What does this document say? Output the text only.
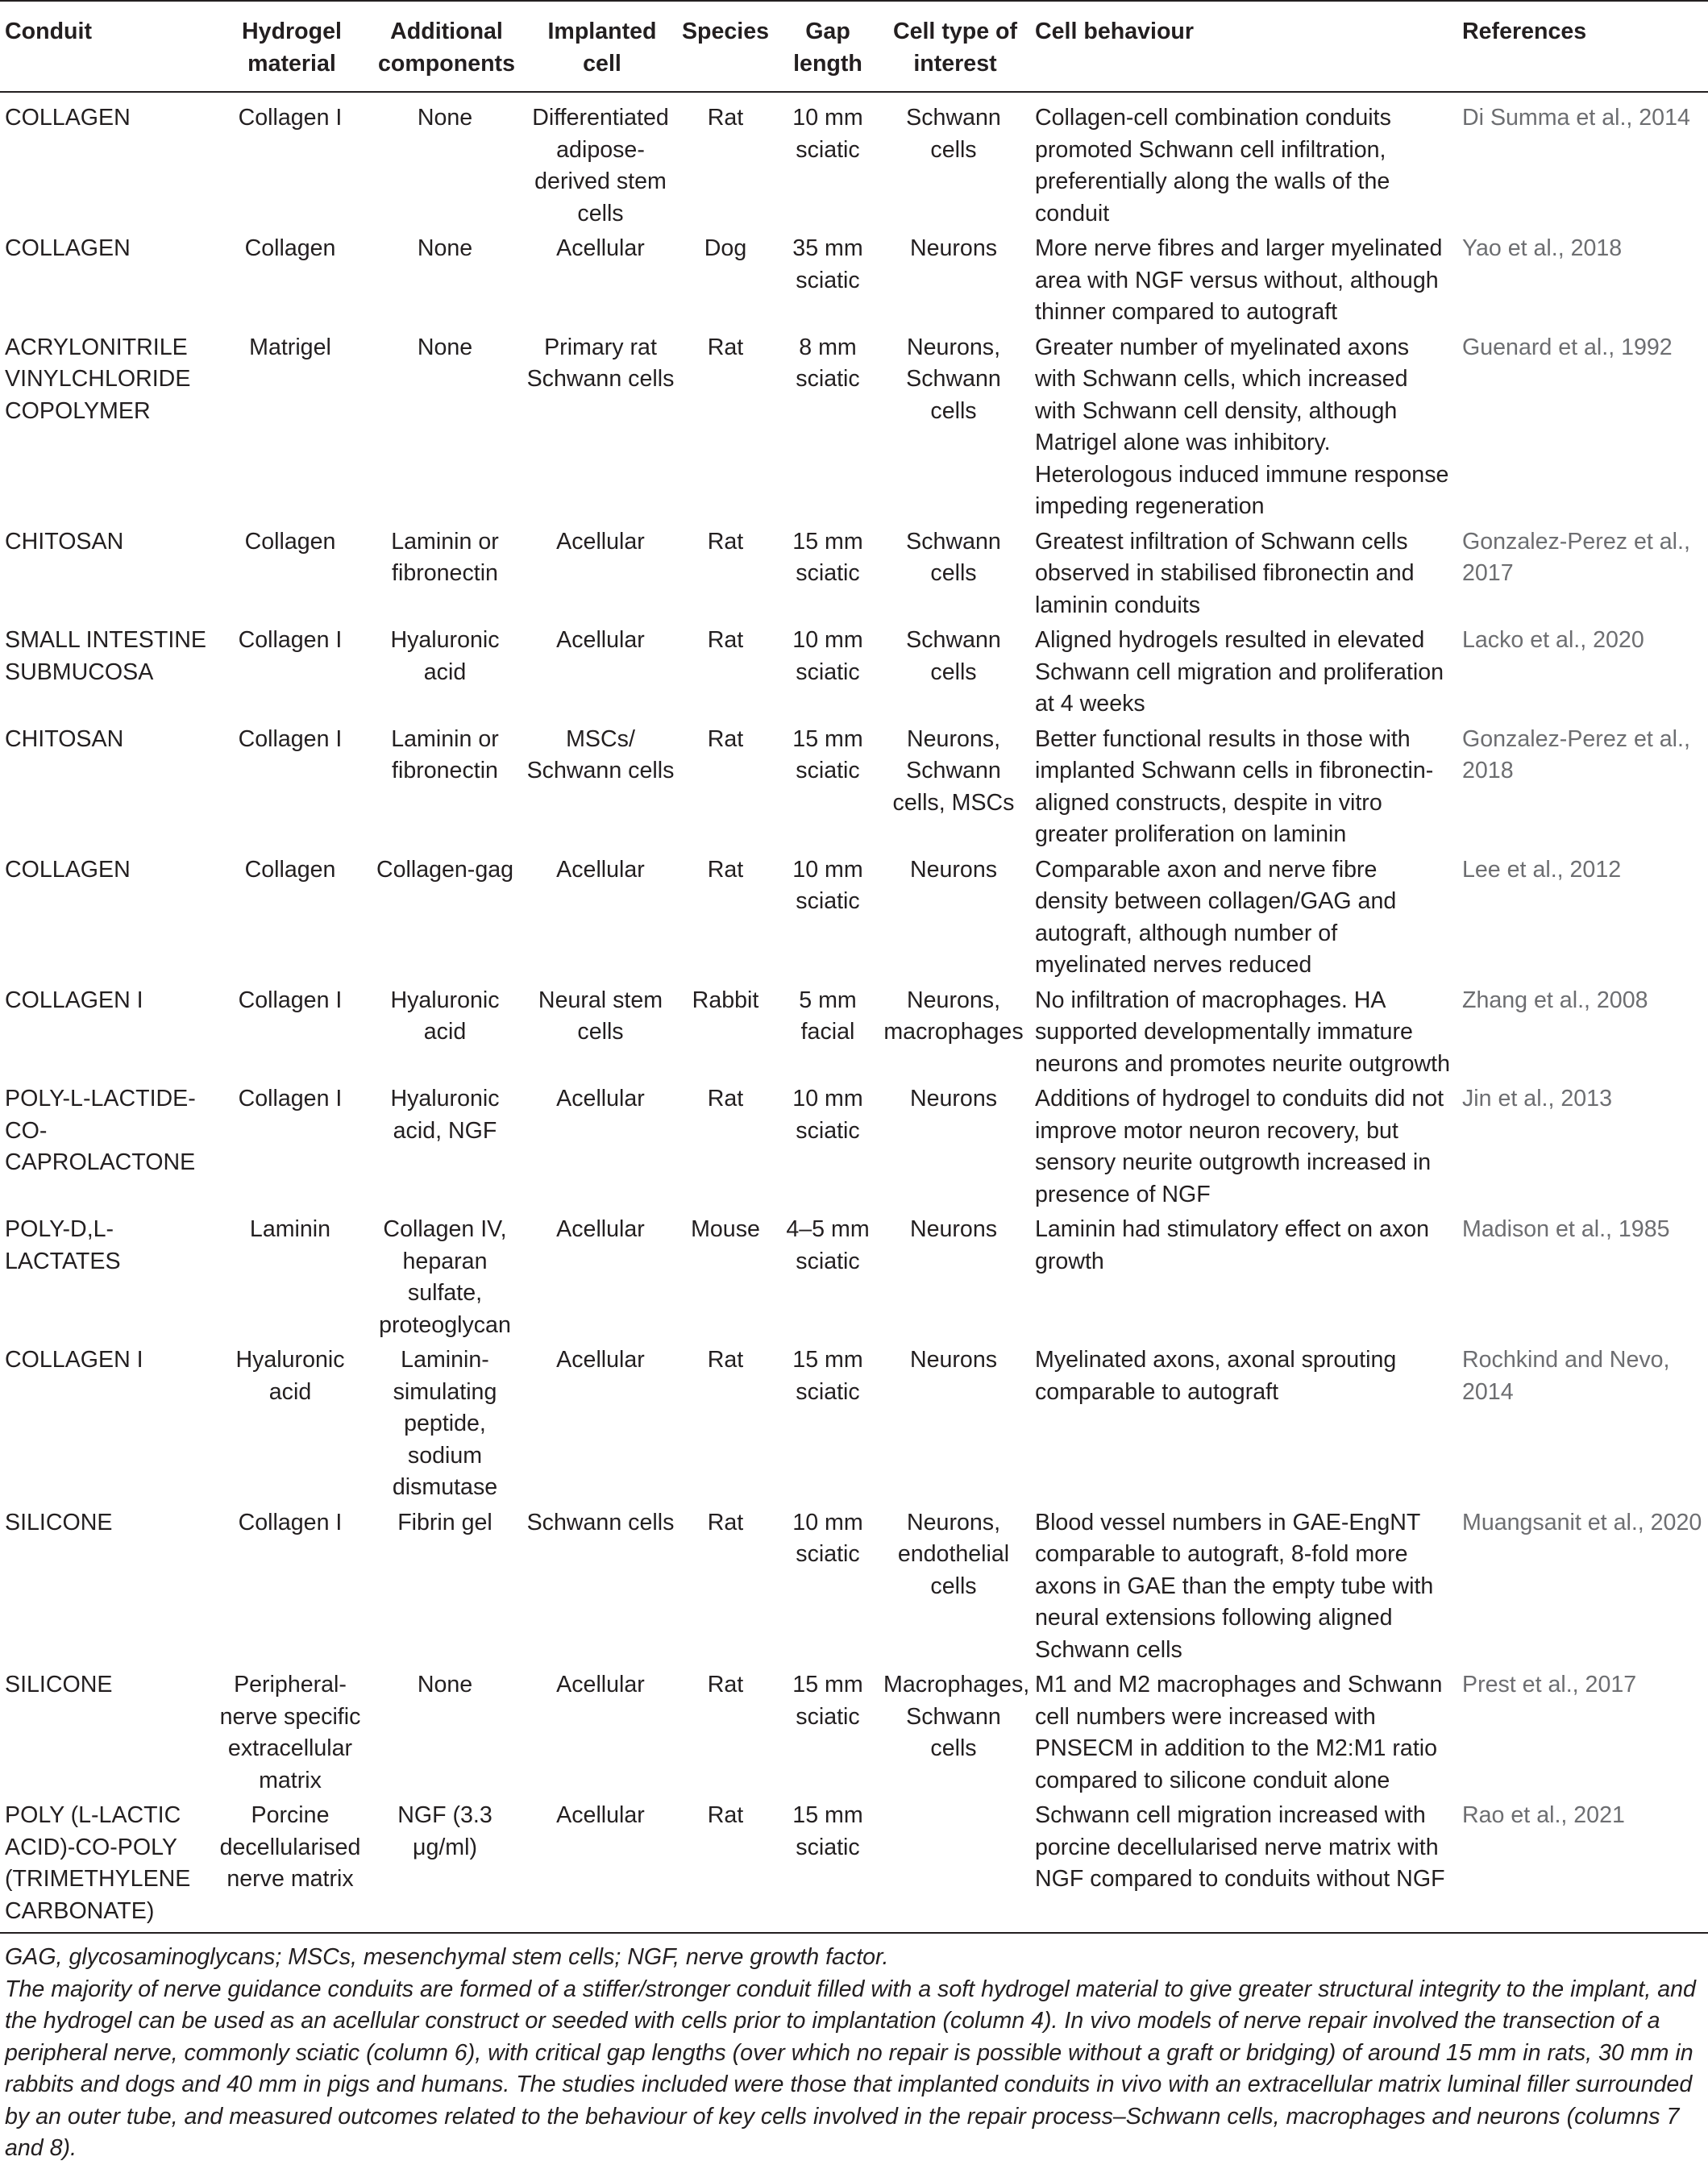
Conduit	Hydrogel material	Additional components	Implanted cell	Species	Gap length	Cell type of interest	Cell behaviour	References
COLLAGEN	Collagen I	None	Differentiated adipose-derived stem cells	Rat	10 mm sciatic	Schwann cells	Collagen-cell combination conduits promoted Schwann cell infiltration, preferentially along the walls of the conduit	Di Summa et al., 2014
COLLAGEN	Collagen	None	Acellular	Dog	35 mm sciatic	Neurons	More nerve fibres and larger myelinated area with NGF versus without, although thinner compared to autograft	Yao et al., 2018
ACRYLONITRILE VINYLCHLORIDE COPOLYMER	Matrigel	None	Primary rat Schwann cells	Rat	8 mm sciatic	Neurons, Schwann cells	Greater number of myelinated axons with Schwann cells, which increased with Schwann cell density, although Matrigel alone was inhibitory. Heterologous induced immune response impeding regeneration	Guenard et al., 1992
CHITOSAN	Collagen	Laminin or fibronectin	Acellular	Rat	15 mm sciatic	Schwann cells	Greatest infiltration of Schwann cells observed in stabilised fibronectin and laminin conduits	Gonzalez-Perez et al., 2017
SMALL INTESTINE SUBMUCOSA	Collagen I	Hyaluronic acid	Acellular	Rat	10 mm sciatic	Schwann cells	Aligned hydrogels resulted in elevated Schwann cell migration and proliferation at 4 weeks	Lacko et al., 2020
CHITOSAN	Collagen I	Laminin or fibronectin	MSCs/ Schwann cells	Rat	15 mm sciatic	Neurons, Schwann cells, MSCs	Better functional results in those with implanted Schwann cells in fibronectin-aligned constructs, despite in vitro greater proliferation on laminin	Gonzalez-Perez et al., 2018
COLLAGEN	Collagen	Collagen-gag	Acellular	Rat	10 mm sciatic	Neurons	Comparable axon and nerve fibre density between collagen/GAG and autograft, although number of myelinated nerves reduced	Lee et al., 2012
COLLAGEN I	Collagen I	Hyaluronic acid	Neural stem cells	Rabbit	5 mm facial	Neurons, macrophages	No infiltration of macrophages. HA supported developmentally immature neurons and promotes neurite outgrowth	Zhang et al., 2008
POLY-L-LACTIDE-CO-CAPROLACTONE	Collagen I	Hyaluronic acid, NGF	Acellular	Rat	10 mm sciatic	Neurons	Additions of hydrogel to conduits did not improve motor neuron recovery, but sensory neurite outgrowth increased in presence of NGF	Jin et al., 2013
POLY-D,L-LACTATES	Laminin	Collagen IV, heparan sulfate, proteoglycan	Acellular	Mouse	4–5 mm sciatic	Neurons	Laminin had stimulatory effect on axon growth	Madison et al., 1985
COLLAGEN I	Hyaluronic acid	Laminin-simulating peptide, sodium dismutase	Acellular	Rat	15 mm sciatic	Neurons	Myelinated axons, axonal sprouting comparable to autograft	Rochkind and Nevo, 2014
SILICONE	Collagen I	Fibrin gel	Schwann cells	Rat	10 mm sciatic	Neurons, endothelial cells	Blood vessel numbers in GAE-EngNT comparable to autograft, 8-fold more axons in GAE than the empty tube with neural extensions following aligned Schwann cells	Muangsanit et al., 2020
SILICONE	Peripheral-nerve specific extracellular matrix	None	Acellular	Rat	15 mm sciatic	Macrophages, Schwann cells	M1 and M2 macrophages and Schwann cell numbers were increased with PNSECM in addition to the M2:M1 ratio compared to silicone conduit alone	Prest et al., 2017
POLY (L-LACTIC ACID)-CO-POLY (TRIMETHYLENE CARBONATE)	Porcine decellularised nerve matrix	NGF (3.3 μg/ml)	Acellular	Rat	15 mm sciatic		Schwann cell migration increased with porcine decellularised nerve matrix with NGF compared to conduits without NGF	Rao et al., 2021

GAG, glycosaminoglycans; MSCs, mesenchymal stem cells; NGF, nerve growth factor.

The majority of nerve guidance conduits are formed of a stiffer/stronger conduit filled with a soft hydrogel material to give greater structural integrity to the implant, and the hydrogel can be used as an acellular construct or seeded with cells prior to implantation (column 4). In vivo models of nerve repair involved the transection of a peripheral nerve, commonly sciatic (column 6), with critical gap lengths (over which no repair is possible without a graft or bridging) of around 15 mm in rats, 30 mm in rabbits and dogs and 40 mm in pigs and humans. The studies included were those that implanted conduits in vivo with an extracellular matrix luminal filler surrounded by an outer tube, and measured outcomes related to the behaviour of key cells involved in the repair process–Schwann cells, macrophages and neurons (columns 7 and 8).
